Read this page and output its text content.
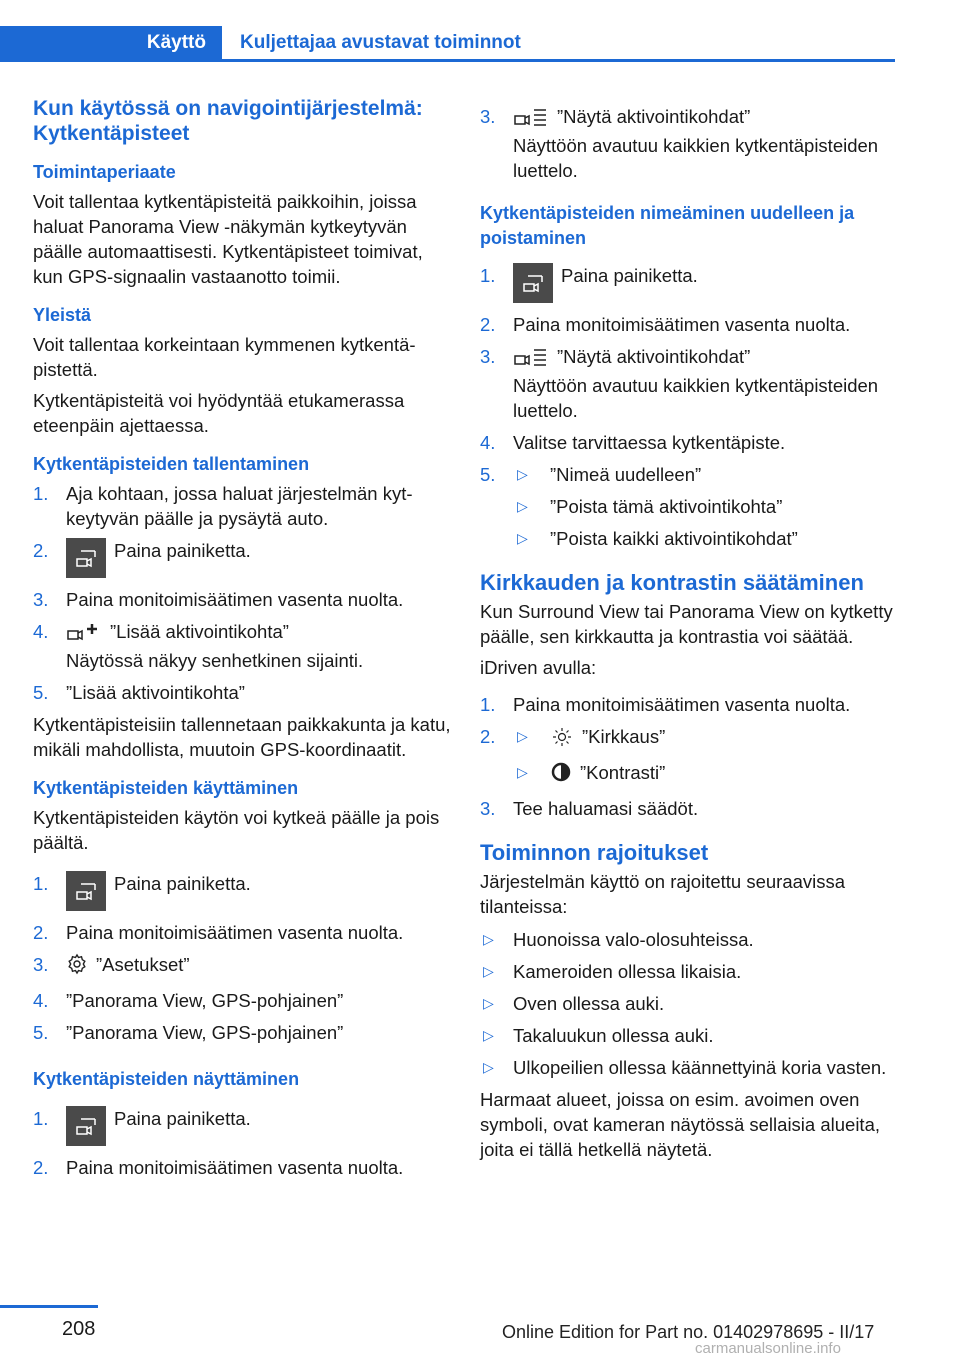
Käyttö	Kuljettajaa avustavat toiminnot
Kun käytössä on navigointijärjestelmä: Kytkentäpisteet
Toimintaperiaate

Voit tallentaa kytkentäpisteitä paikkoihin, joissa haluat Panorama View -näkymän kytkeytyvän päälle automaattisesti. Kytkentäpisteet toimivat, kun GPS-signaalin vastaanotto toimii.

Yleistä

Voit tallentaa korkeintaan kymmenen kytkentäpistettä.

Kytkentäpisteitä voi hyödyntää etukamerassa eteenpäin ajettaessa.

Kytkentäpisteiden tallentaminen
1. Aja kohtaan, jossa haluat järjestelmän kytkeytyvän päälle ja pysäytä auto.
2.	Paina painiketta.
3. Paina monitoimisäätimen vasenta nuolta.
4.	”Lisää aktivointikohta”
Näytössä näkyy senhetkinen sijainti.
5. ”Lisää aktivointikohta”

Kytkentäpisteisiin tallennetaan paikkakunta ja katu, mikäli mahdollista, muutoin GPS-koordinaatit.

Kytkentäpisteiden käyttäminen

Kytkentäpisteiden käytön voi kytkeä päälle ja pois päältä.

1.	Paina painiketta.
2. Paina monitoimisäätimen vasenta nuolta.
3.	”Asetukset”
4. ”Panorama View, GPS-pohjainen”
5. ”Panorama View, GPS-pohjainen”
Kytkentäpisteiden näyttäminen
1.	Paina painiketta.
2. Paina monitoimisäätimen vasenta nuolta.
3.	”Näytä aktivointikohdat”
Näyttöön avautuu kaikkien kytkentäpisteiden luettelo.
Kytkentäpisteiden nimeäminen uudelleen ja poistaminen
1.	Paina painiketta.
2. Paina monitoimisäätimen vasenta nuolta.
3.	”Näytä aktivointikohdat”
Näyttöön avautuu kaikkien kytkentäpisteiden luettelo.
4. Valitse tarvittaessa kytkentäpiste.
5. ▷ ”Nimeä uudelleen”
▷ ”Poista tämä aktivointikohta”
▷ ”Poista kaikki aktivointikohdat”
Kirkkauden ja kontrastin säätäminen

Kun Surround View tai Panorama View on kytketty päälle, sen kirkkautta ja kontrastia voi säätää.

iDriven avulla:

1. Paina monitoimisäätimen vasenta nuolta.
2. ▷	”Kirkkaus”
▷	”Kontrasti”
3. Tee haluamasi säädöt.
Toiminnon rajoitukset

Järjestelmän käyttö on rajoitettu seuraavissa tilanteissa:

▷ Huonoissa valo-olosuhteissa.
▷ Kameroiden ollessa likaisia.
▷ Oven ollessa auki.
▷ Takaluukun ollessa auki.
▷ Ulkopeilien ollessa käännettyinä koria vasten.

Harmaat alueet, joissa on esim. avoimen oven symboli, ovat kameran näytössä sellaisia alueita, joita ei tällä hetkellä näytetä.

208	Online Edition for Part no. 01402978695 - II/17
carmanualsonline.info
